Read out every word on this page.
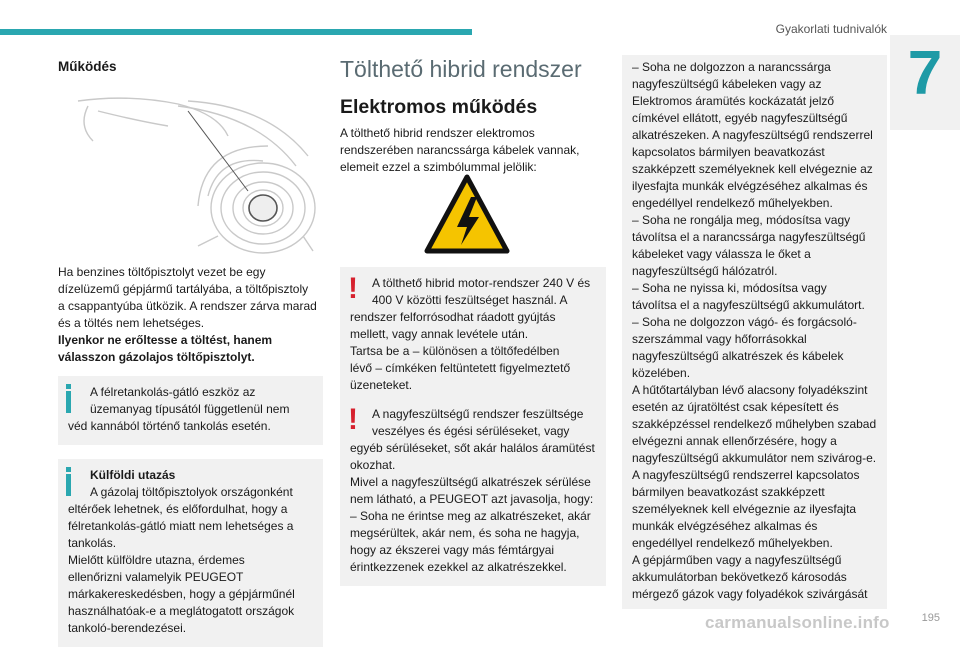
Gyakorlati tudnivalók
7
Működés

Ha benzines töltőpisztolyt vezet be egy

dízelüzemű gépjármű tartályába, a töltőpisztoly

a csappantyúba ütközik. A rendszer zárva marad

és a töltés nem lehetséges.

Ilyenkor ne erőltesse a töltést, hanem

válasszon gázolajos töltőpisztolyt.

A félretankolás-gátló eszköz az

üzemanyag típusától függetlenül nem

véd kannából történő tankolás esetén.

Külföldi utazás

A gázolaj töltőpisztolyok országonként

eltérőek lehetnek, és előfordulhat, hogy a

félretankolás-gátló miatt nem lehetséges a

tankolás.

Mielőtt külföldre utazna, érdemes

ellenőrizni valamelyik PEUGEOT

márkakereskedésben, hogy a gépjárműnél

használhatóak-e a meglátogatott országok

tankoló-berendezései.

Tölthető hibrid rendszer
Elektromos működés

A tölthető hibrid rendszer elektromos

rendszerében narancssárga kábelek vannak,

elemeit ezzel a szimbólummal jelölik:

!	A tölthető hibrid motor-rendszer 240 V és

400 V közötti feszültséget használ. A

rendszer felforrósodhat ráadott gyújtás

mellett, vagy annak levétele után.

Tartsa be a – különösen a töltőfedélben

lévő – címkéken feltüntetett figyelmeztető

üzeneteket.

!	A nagyfeszültségű rendszer feszültsége

veszélyes és égési sérüléseket, vagy

egyéb sérüléseket, sőt akár halálos áramütést

okozhat.

Mivel a nagyfeszültségű alkatrészek sérülése

nem látható, a PEUGEOT azt javasolja, hogy:

– Soha ne érintse meg az alkatrészeket, akár

megsérültek, akár nem, és soha ne hagyja,

hogy az ékszerei vagy más fémtárgyai

érintkezzenek ezekkel az alkatrészekkel.

– Soha ne dolgozzon a narancssárga

nagyfeszültségű kábeleken vagy az

Elektromos áramütés kockázatát jelző

címkével ellátott, egyéb nagyfeszültségű

alkatrészeken. A nagyfeszültségű rendszerrel

kapcsolatos bármilyen beavatkozást

szakképzett személyeknek kell elvégeznie az

ilyesfajta munkák elvégzéséhez alkalmas és

engedéllyel rendelkező műhelyekben.

– Soha ne rongálja meg, módosítsa vagy

távolítsa el a narancssárga nagyfeszültségű

kábeleket vagy válassza le őket a

nagyfeszültségű hálózatról.

– Soha ne nyissa ki, módosítsa vagy

távolítsa el a nagyfeszültségű akkumulátort.

– Soha ne dolgozzon vágó- és forgácsoló-

szerszámmal vagy hőforrásokkal

nagyfeszültségű alkatrészek és kábelek

közelében.

A hűtőtartályban lévő alacsony folyadékszint

esetén az újratöltést csak képesített és

szakképzéssel rendelkező műhelyben szabad

elvégezni annak ellenőrzésére, hogy a

nagyfeszültségű akkumulátor nem szivárog-e.

A nagyfeszültségű rendszerrel kapcsolatos

bármilyen beavatkozást szakképzett

személyeknek kell elvégeznie az ilyesfajta

munkák elvégzéséhez alkalmas és

engedéllyel rendelkező műhelyekben.

A gépjárműben vagy a nagyfeszültségű

akkumulátorban bekövetkező károsodás

mérgező gázok vagy folyadékok szivárgását

carmanualsonline.info	195
